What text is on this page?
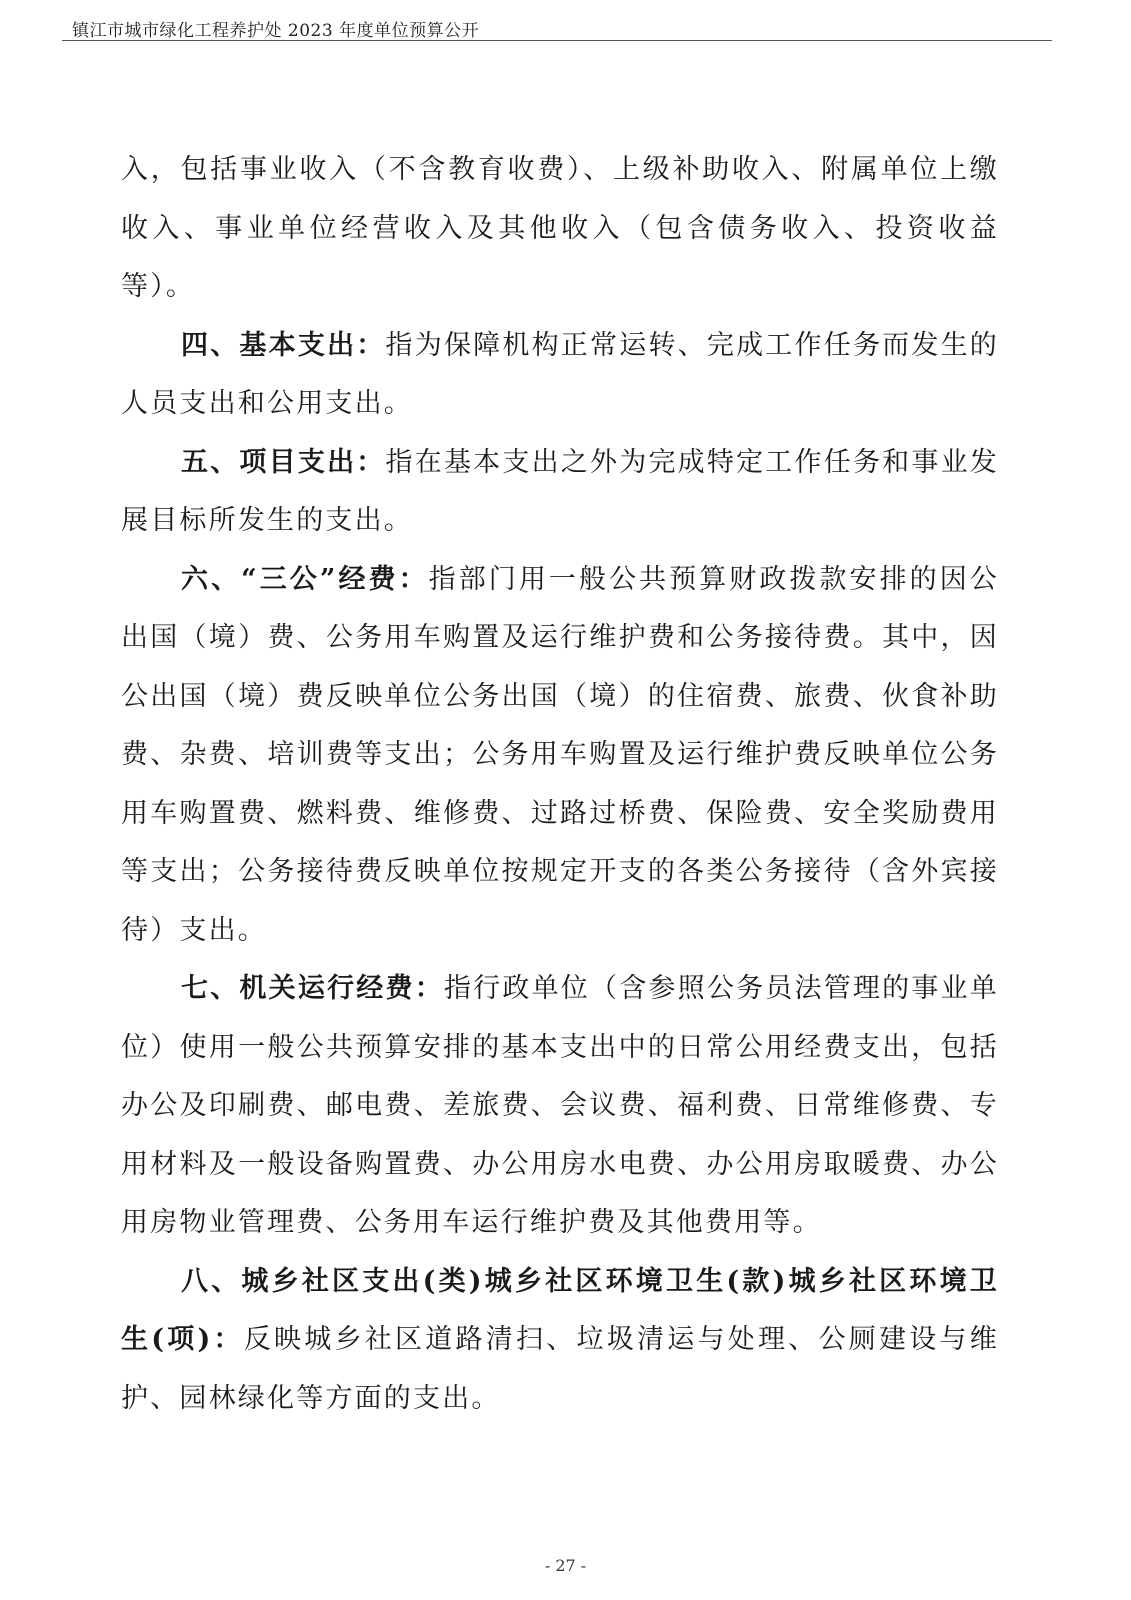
镇江市城市绿化工程养护处 2023 年度单位预算公开

入，包括事业收入（不含教育收费）、上级补助收入、附属单位上缴收入、事业单位经营收入及其他收入（包含债务收入、投资收益等）。

四、基本支出：指为保障机构正常运转、完成工作任务而发生的人员支出和公用支出。

五、项目支出：指在基本支出之外为完成特定工作任务和事业发展目标所发生的支出。

六、“三公”经费：指部门用一般公共预算财政拨款安排的因公出国（境）费、公务用车购置及运行维护费和公务接待费。其中，因公出国（境）费反映单位公务出国（境）的住宿费、旅费、伙食补助费、杂费、培训费等支出；公务用车购置及运行维护费反映单位公务用车购置费、燃料费、维修费、过路过桥费、保险费、安全奖励费用等支出；公务接待费反映单位按规定开支的各类公务接待（含外宾接待）支出。

七、机关运行经费：指行政单位（含参照公务员法管理的事业单位）使用一般公共预算安排的基本支出中的日常公用经费支出，包括办公及印刷费、邮电费、差旅费、会议费、福利费、日常维修费、专用材料及一般设备购置费、办公用房水电费、办公用房取暖费、办公用房物业管理费、公务用车运行维护费及其他费用等。

八、城乡社区支出(类)城乡社区环境卫生(款)城乡社区环境卫生(项)：反映城乡社区道路清扫、垃圾清运与处理、公厕建设与维护、园林绿化等方面的支出。

- 27 -
